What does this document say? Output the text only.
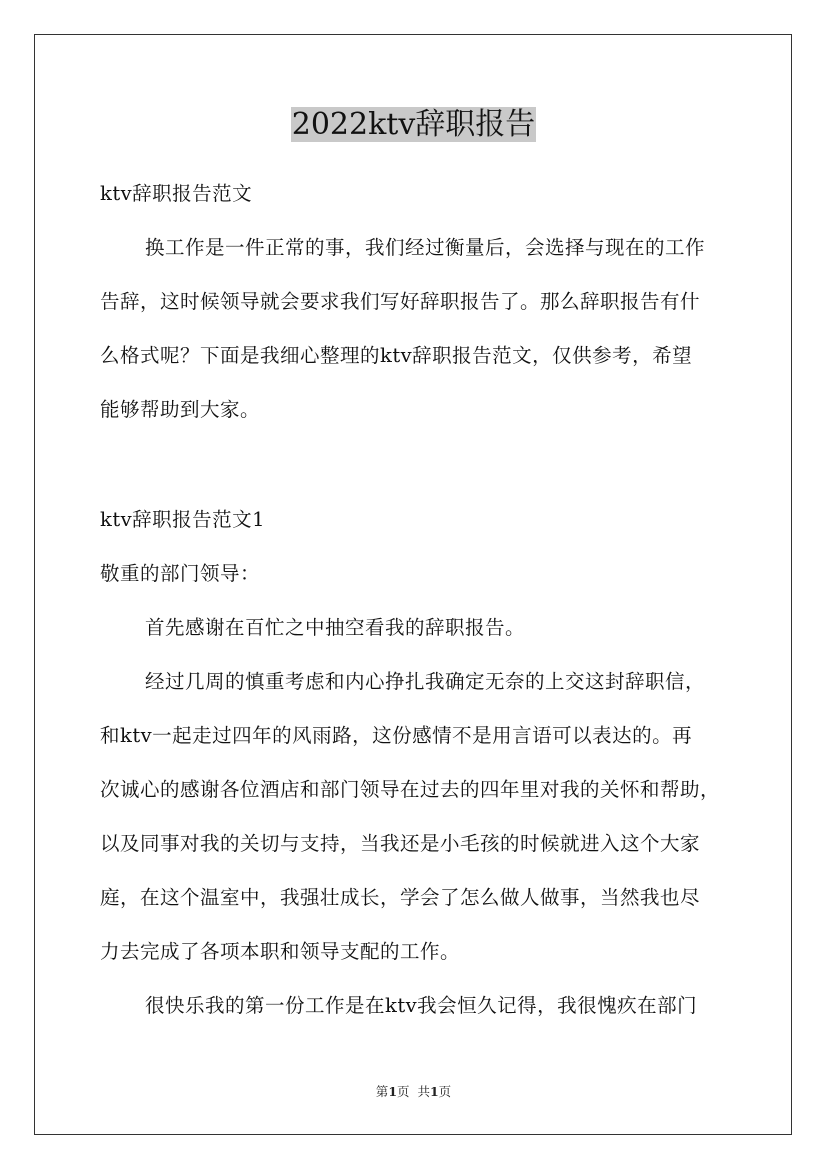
2022ktv辞职报告
ktv辞职报告范文
换工作是一件正常的事，我们经过衡量后，会选择与现在的工作
告辞，这时候领导就会要求我们写好辞职报告了。那么辞职报告有什
么格式呢？下面是我细心整理的ktv辞职报告范文，仅供参考，希望
能够帮助到大家。
ktv辞职报告范文1
敬重的部门领导：
首先感谢在百忙之中抽空看我的辞职报告。
经过几周的慎重考虑和内心挣扎我确定无奈的上交这封辞职信，
和ktv一起走过四年的风雨路，这份感情不是用言语可以表达的。再
次诚心的感谢各位酒店和部门领导在过去的四年里对我的关怀和帮助，
以及同事对我的关切与支持，当我还是小毛孩的时候就进入这个大家
庭，在这个温室中，我强壮成长，学会了怎么做人做事，当然我也尽
力去完成了各项本职和领导支配的工作。
很快乐我的第一份工作是在ktv我会恒久记得，我很愧疚在部门
第1页  共1页
